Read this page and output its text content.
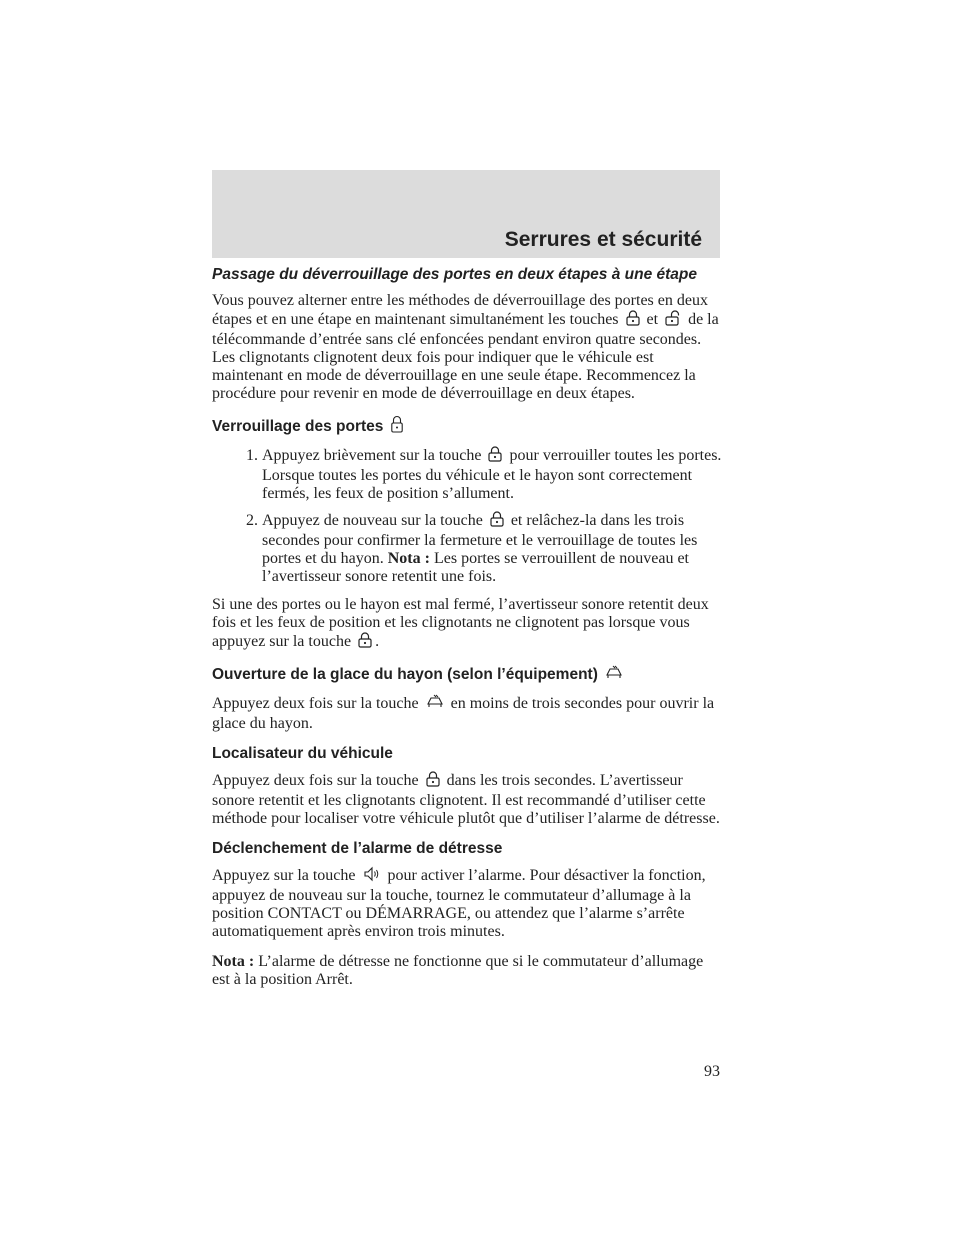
Serrures et sécurité
Passage du déverrouillage des portes en deux étapes à une étape

Vous pouvez alterner entre les méthodes de déverrouillage des portes en deux étapes et en une étape en maintenant simultanément les touches et de la télécommande d’entrée sans clé enfoncées pendant environ quatre secondes. Les clignotants clignotent deux fois pour indiquer que le véhicule est maintenant en mode de déverrouillage en une seule étape. Recommencez la procédure pour revenir en mode de déverrouillage en deux étapes.

Verrouillage des portes
1. Appuyez brièvement sur la touche pour verrouiller toutes les portes. Lorsque toutes les portes du véhicule et le hayon sont correctement fermés, les feux de position s’allument.
2. Appuyez de nouveau sur la touche et relâchez-la dans les trois secondes pour confirmer la fermeture et le verrouillage de toutes les portes et du hayon. Nota : Les portes se verrouillent de nouveau et l’avertisseur sonore retentit une fois.

Si une des portes ou le hayon est mal fermé, l’avertisseur sonore retentit deux fois et les feux de position et les clignotants ne clignotent pas lorsque vous appuyez sur la touche .

Ouverture de la glace du hayon (selon l’équipement)

Appuyez deux fois sur la touche en moins de trois secondes pour ouvrir la glace du hayon.

Localisateur du véhicule

Appuyez deux fois sur la touche dans les trois secondes. L’avertisseur sonore retentit et les clignotants clignotent. Il est recommandé d’utiliser cette méthode pour localiser votre véhicule plutôt que d’utiliser l’alarme de détresse.

Déclenchement de l’alarme de détresse

Appuyez sur la touche pour activer l’alarme. Pour désactiver la fonction, appuyez de nouveau sur la touche, tournez le commutateur d’allumage à la position CONTACT ou DÉMARRAGE, ou attendez que l’alarme s’arrête automatiquement après environ trois minutes.

Nota : L’alarme de détresse ne fonctionne que si le commutateur d’allumage est à la position Arrêt.

93
